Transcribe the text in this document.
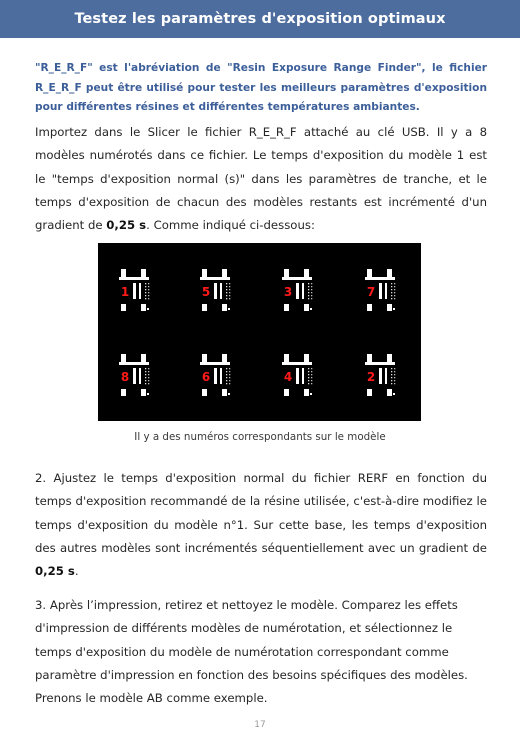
Testez les paramètres d'exposition optimaux

"R_E_R_F" est l'abréviation de "Resin Exposure Range Finder", le fichier R_E_R_F peut être utilisé pour tester les meilleurs paramètres d'exposition pour différentes résines et différentes températures ambiantes.

Importez dans le Slicer le fichier R_E_R_F attaché au clé USB. Il y a 8 modèles numérotés dans ce fichier. Le temps d'exposition du modèle 1 est le "temps d'exposition normal (s)" dans les paramètres de tranche, et le temps d'exposition de chacun des modèles restants est incrémenté d'un gradient de 0,25 s. Comme indiqué ci-dessous:

1	5	3	7
8	6	4	2
Il y a des numéros correspondants sur le modèle

2. Ajustez le temps d'exposition normal du fichier RERF en fonction du temps d'exposition recommandé de la résine utilisée, c'est-à-dire modifiez le temps d'exposition du modèle n°1. Sur cette base, les temps d'exposition des autres modèles sont incrémentés séquentiellement avec un gradient de 0,25 s.

3. Après l’impression, retirez et nettoyez le modèle. Comparez les effets d'impression de différents modèles de numérotation, et sélectionnez le temps d'exposition du modèle de numérotation correspondant comme paramètre d'impression en fonction des besoins spécifiques des modèles. Prenons le modèle AB comme exemple.

17
